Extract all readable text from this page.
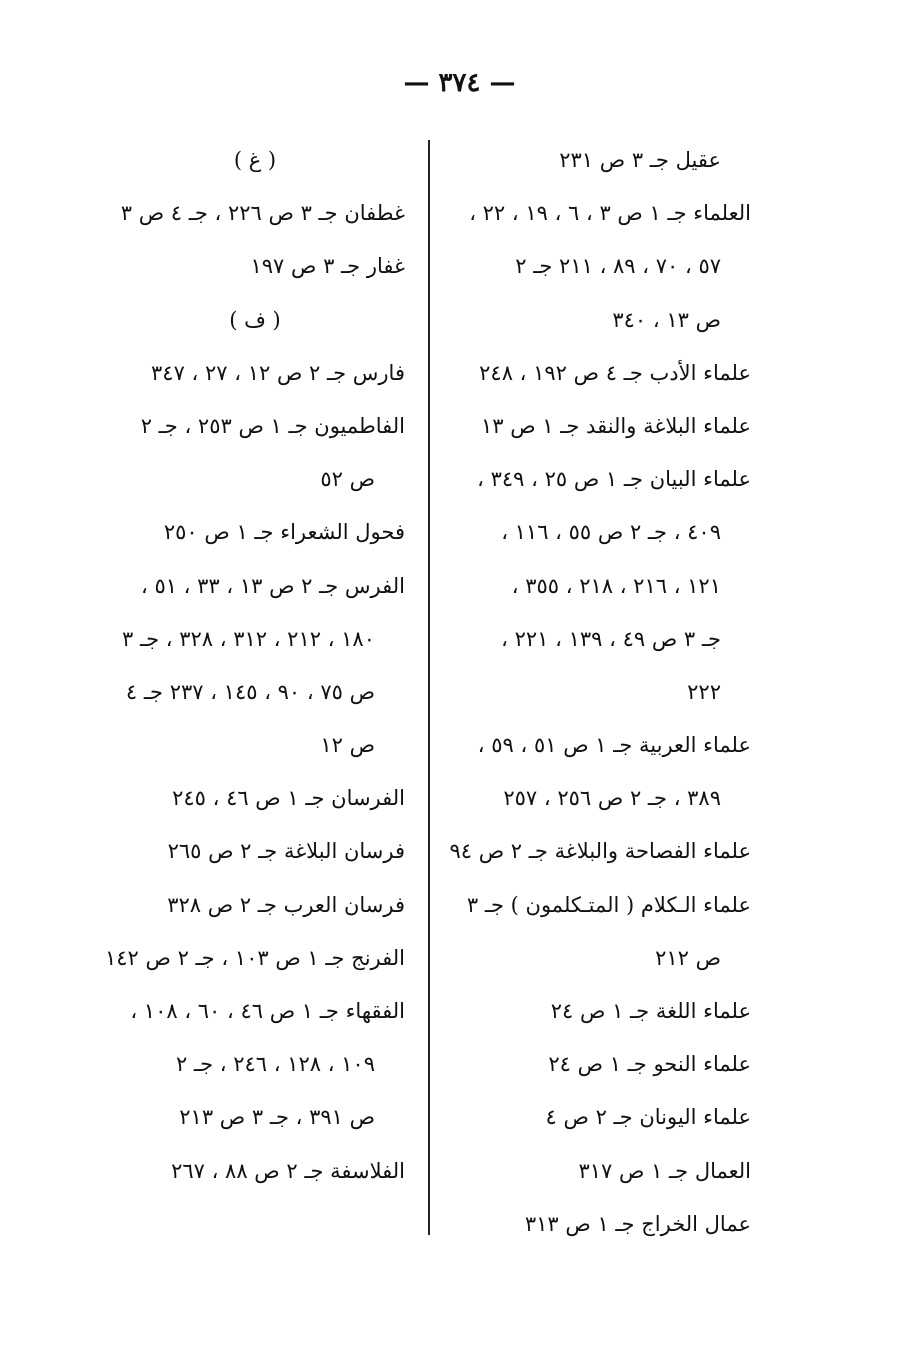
— ٣٧٤ —
عقيل جـ ٣ ص ٢٣١
العلماء جـ ١ ص ٣ ، ٦ ، ١٩ ، ٢٢ ،
٥٧ ، ٧٠ ، ٨٩ ، ٢١١ جـ ٢
ص ١٣ ، ٣٤٠
علماء الأدب جـ ٤ ص ١٩٢ ، ٢٤٨
علماء البلاغة والنقد جـ ١ ص ١٣
علماء البيان جـ ١ ص ٢٥ ، ٣٤٩ ،
٤٠٩ ، جـ ٢ ص ٥٥ ، ١١٦ ،
١٢١ ، ٢١٦ ، ٢١٨ ، ٣٥٥ ،
جـ ٣ ص ٤٩ ، ١٣٩ ، ٢٢١ ،
٢٢٢
علماء العربية جـ ١ ص ٥١ ، ٥٩ ،
٣٨٩ ، جـ ٢ ص ٢٥٦ ، ٢٥٧
علماء الفصاحة والبلاغة جـ ٢ ص ٩٤
علماء الـكلام ( المتـكلمون ) جـ ٣
ص ٢١٢
علماء اللغة جـ ١ ص ٢٤
علماء النحو جـ ١ ص ٢٤
علماء اليونان جـ ٢ ص ٤
العمال جـ ١ ص ٣١٧
عمال الخراج جـ ١ ص ٣١٣
( غ )
غطفان جـ ٣ ص ٢٢٦ ، جـ ٤ ص ٣
غفار جـ ٣ ص ١٩٧
( ف )
فارس جـ ٢ ص ١٢ ، ٢٧ ، ٣٤٧
الفاطميون جـ ١ ص ٢٥٣ ، جـ ٢
ص ٥٢
فحول الشعراء جـ ١ ص ٢٥٠
الفرس جـ ٢ ص ١٣ ، ٣٣ ، ٥١ ،
١٨٠ ، ٢١٢ ، ٣١٢ ، ٣٢٨ ، جـ ٣
ص ٧٥ ، ٩٠ ، ١٤٥ ، ٢٣٧ جـ ٤
ص ١٢
الفرسان جـ ١ ص ٤٦ ، ٢٤٥
فرسان البلاغة جـ ٢ ص ٢٦٥
فرسان العرب جـ ٢ ص ٣٢٨
الفرنج جـ ١ ص ١٠٣ ، جـ ٢ ص ١٤٢
الفقهاء جـ ١ ص ٤٦ ، ٦٠ ، ١٠٨ ،
١٠٩ ، ١٢٨ ، ٢٤٦ ، جـ ٢
ص ٣٩١ ، جـ ٣ ص ٢١٣
الفلاسفة جـ ٢ ص ٨٨ ، ٢٦٧
